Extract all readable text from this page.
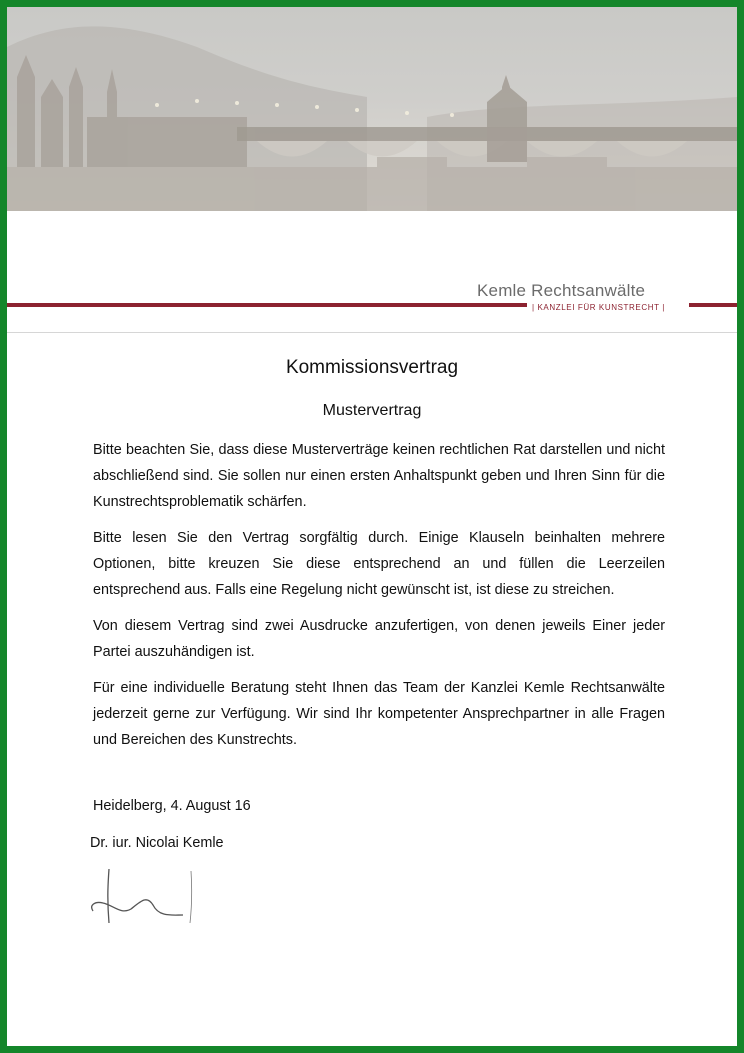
Kemle Rechtsanwälte
| KANZLEI FÜR KUNSTRECHT |
Kommissionsvertrag
Mustervertrag

Bitte beachten Sie, dass diese Musterverträge keinen rechtlichen Rat darstellen und nicht abschließend sind. Sie sollen nur einen ersten Anhaltspunkt geben und Ihren Sinn für die Kunstrechtsproblematik schärfen.

Bitte lesen Sie den Vertrag sorgfältig durch. Einige Klauseln beinhalten mehrere Optionen, bitte kreuzen Sie diese entsprechend an und füllen die Leerzeilen entsprechend aus. Falls eine Regelung nicht gewünscht ist, ist diese zu streichen.

Von diesem Vertrag sind zwei Ausdrucke anzufertigen, von denen jeweils Einer jeder Partei auszuhändigen ist.

Für eine individuelle Beratung steht Ihnen das Team der Kanzlei Kemle Rechtsanwälte jederzeit gerne zur Verfügung. Wir sind Ihr kompetenter Ansprechpartner in alle Fragen und Bereichen des Kunstrechts.

Heidelberg, 4. August 16
Dr. iur. Nicolai Kemle
